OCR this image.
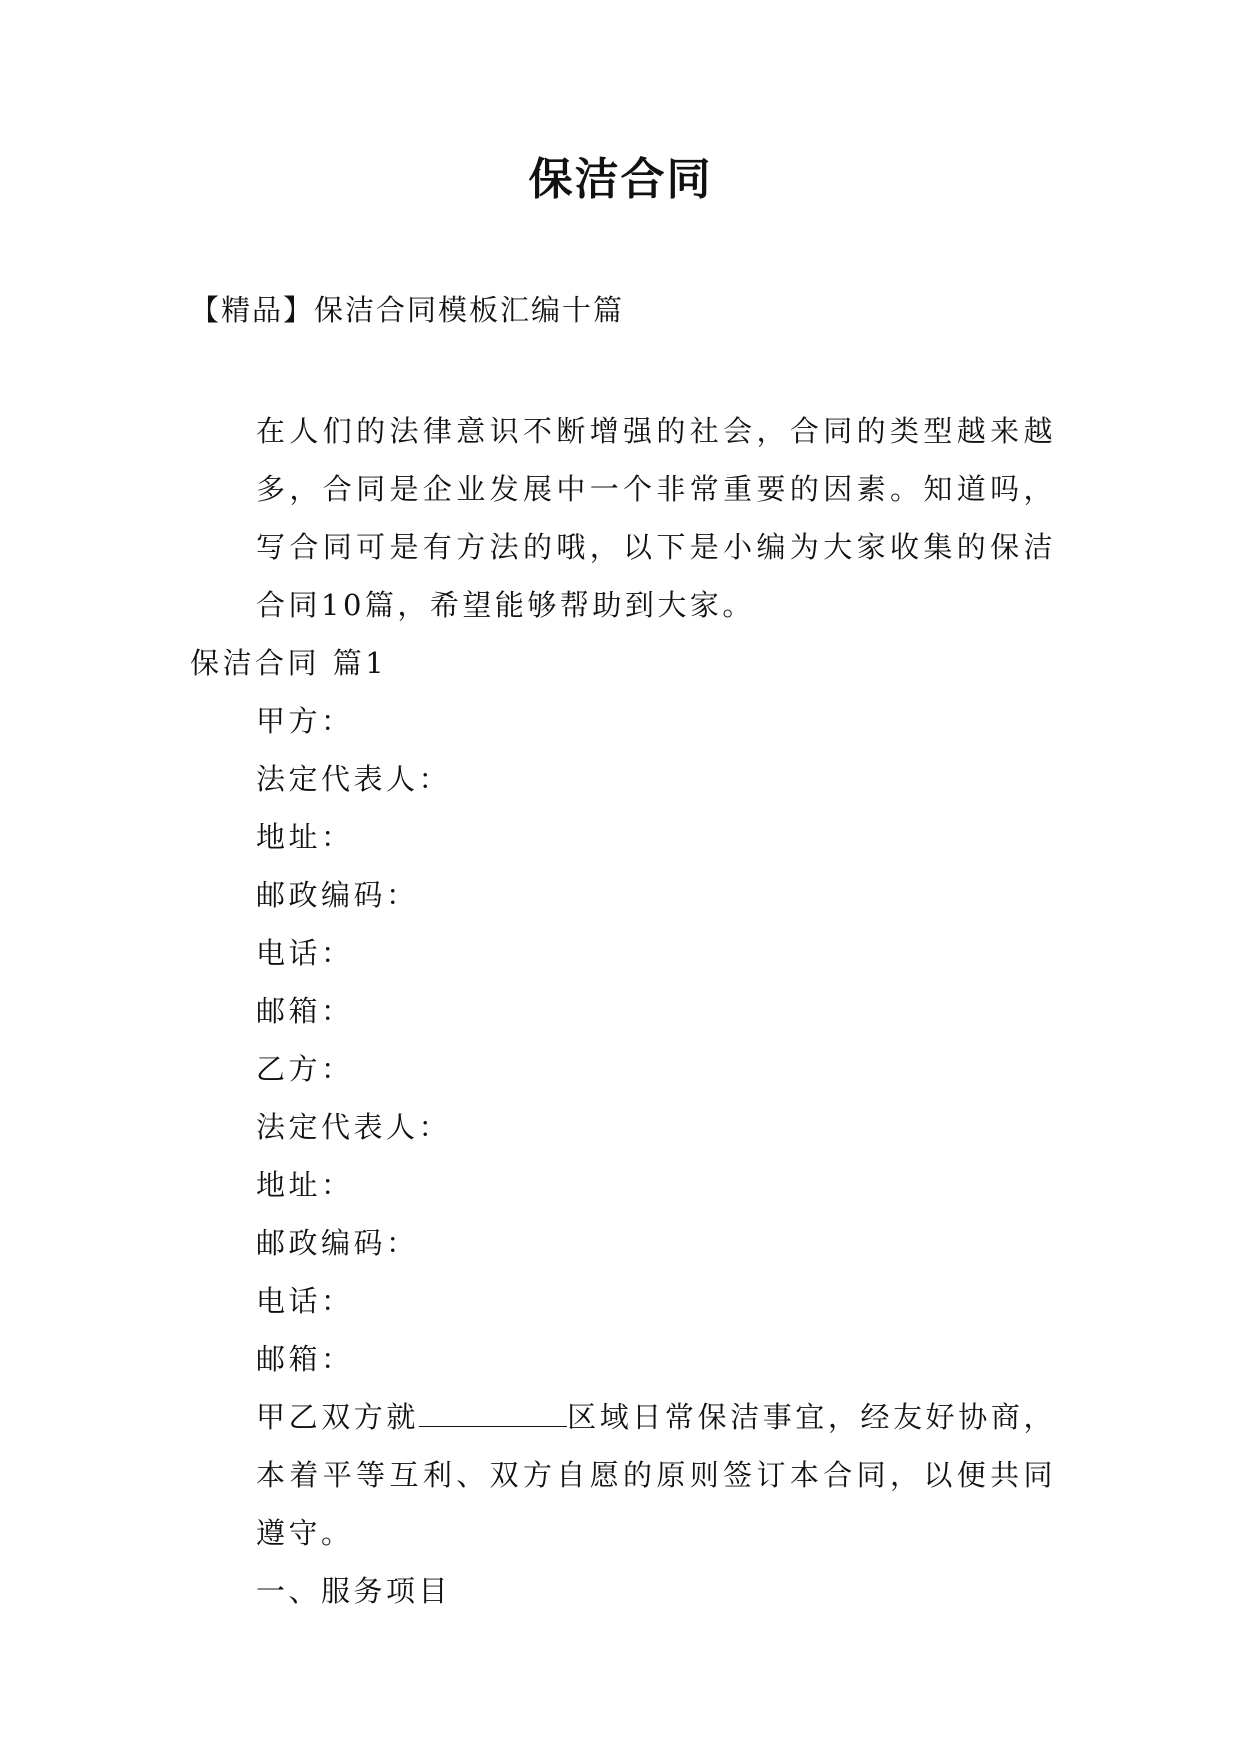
保洁合同
【精品】保洁合同模板汇编十篇

在人们的法律意识不断增强的社会，合同的类型越来越多，合同是企业发展中一个非常重要的因素。知道吗，写合同可是有方法的哦，以下是小编为大家收集的保洁合同10篇，希望能够帮助到大家。

保洁合同 篇1

甲方：

法定代表人：

地址：

邮政编码：

电话：

邮箱：

乙方：

法定代表人：

地址：

邮政编码：

电话：

邮箱：

甲乙双方就	区域日常保洁事宜，经友好协商，本着平等互利、双方自愿的原则签订本合同，以便共同遵守。

一、服务项目
